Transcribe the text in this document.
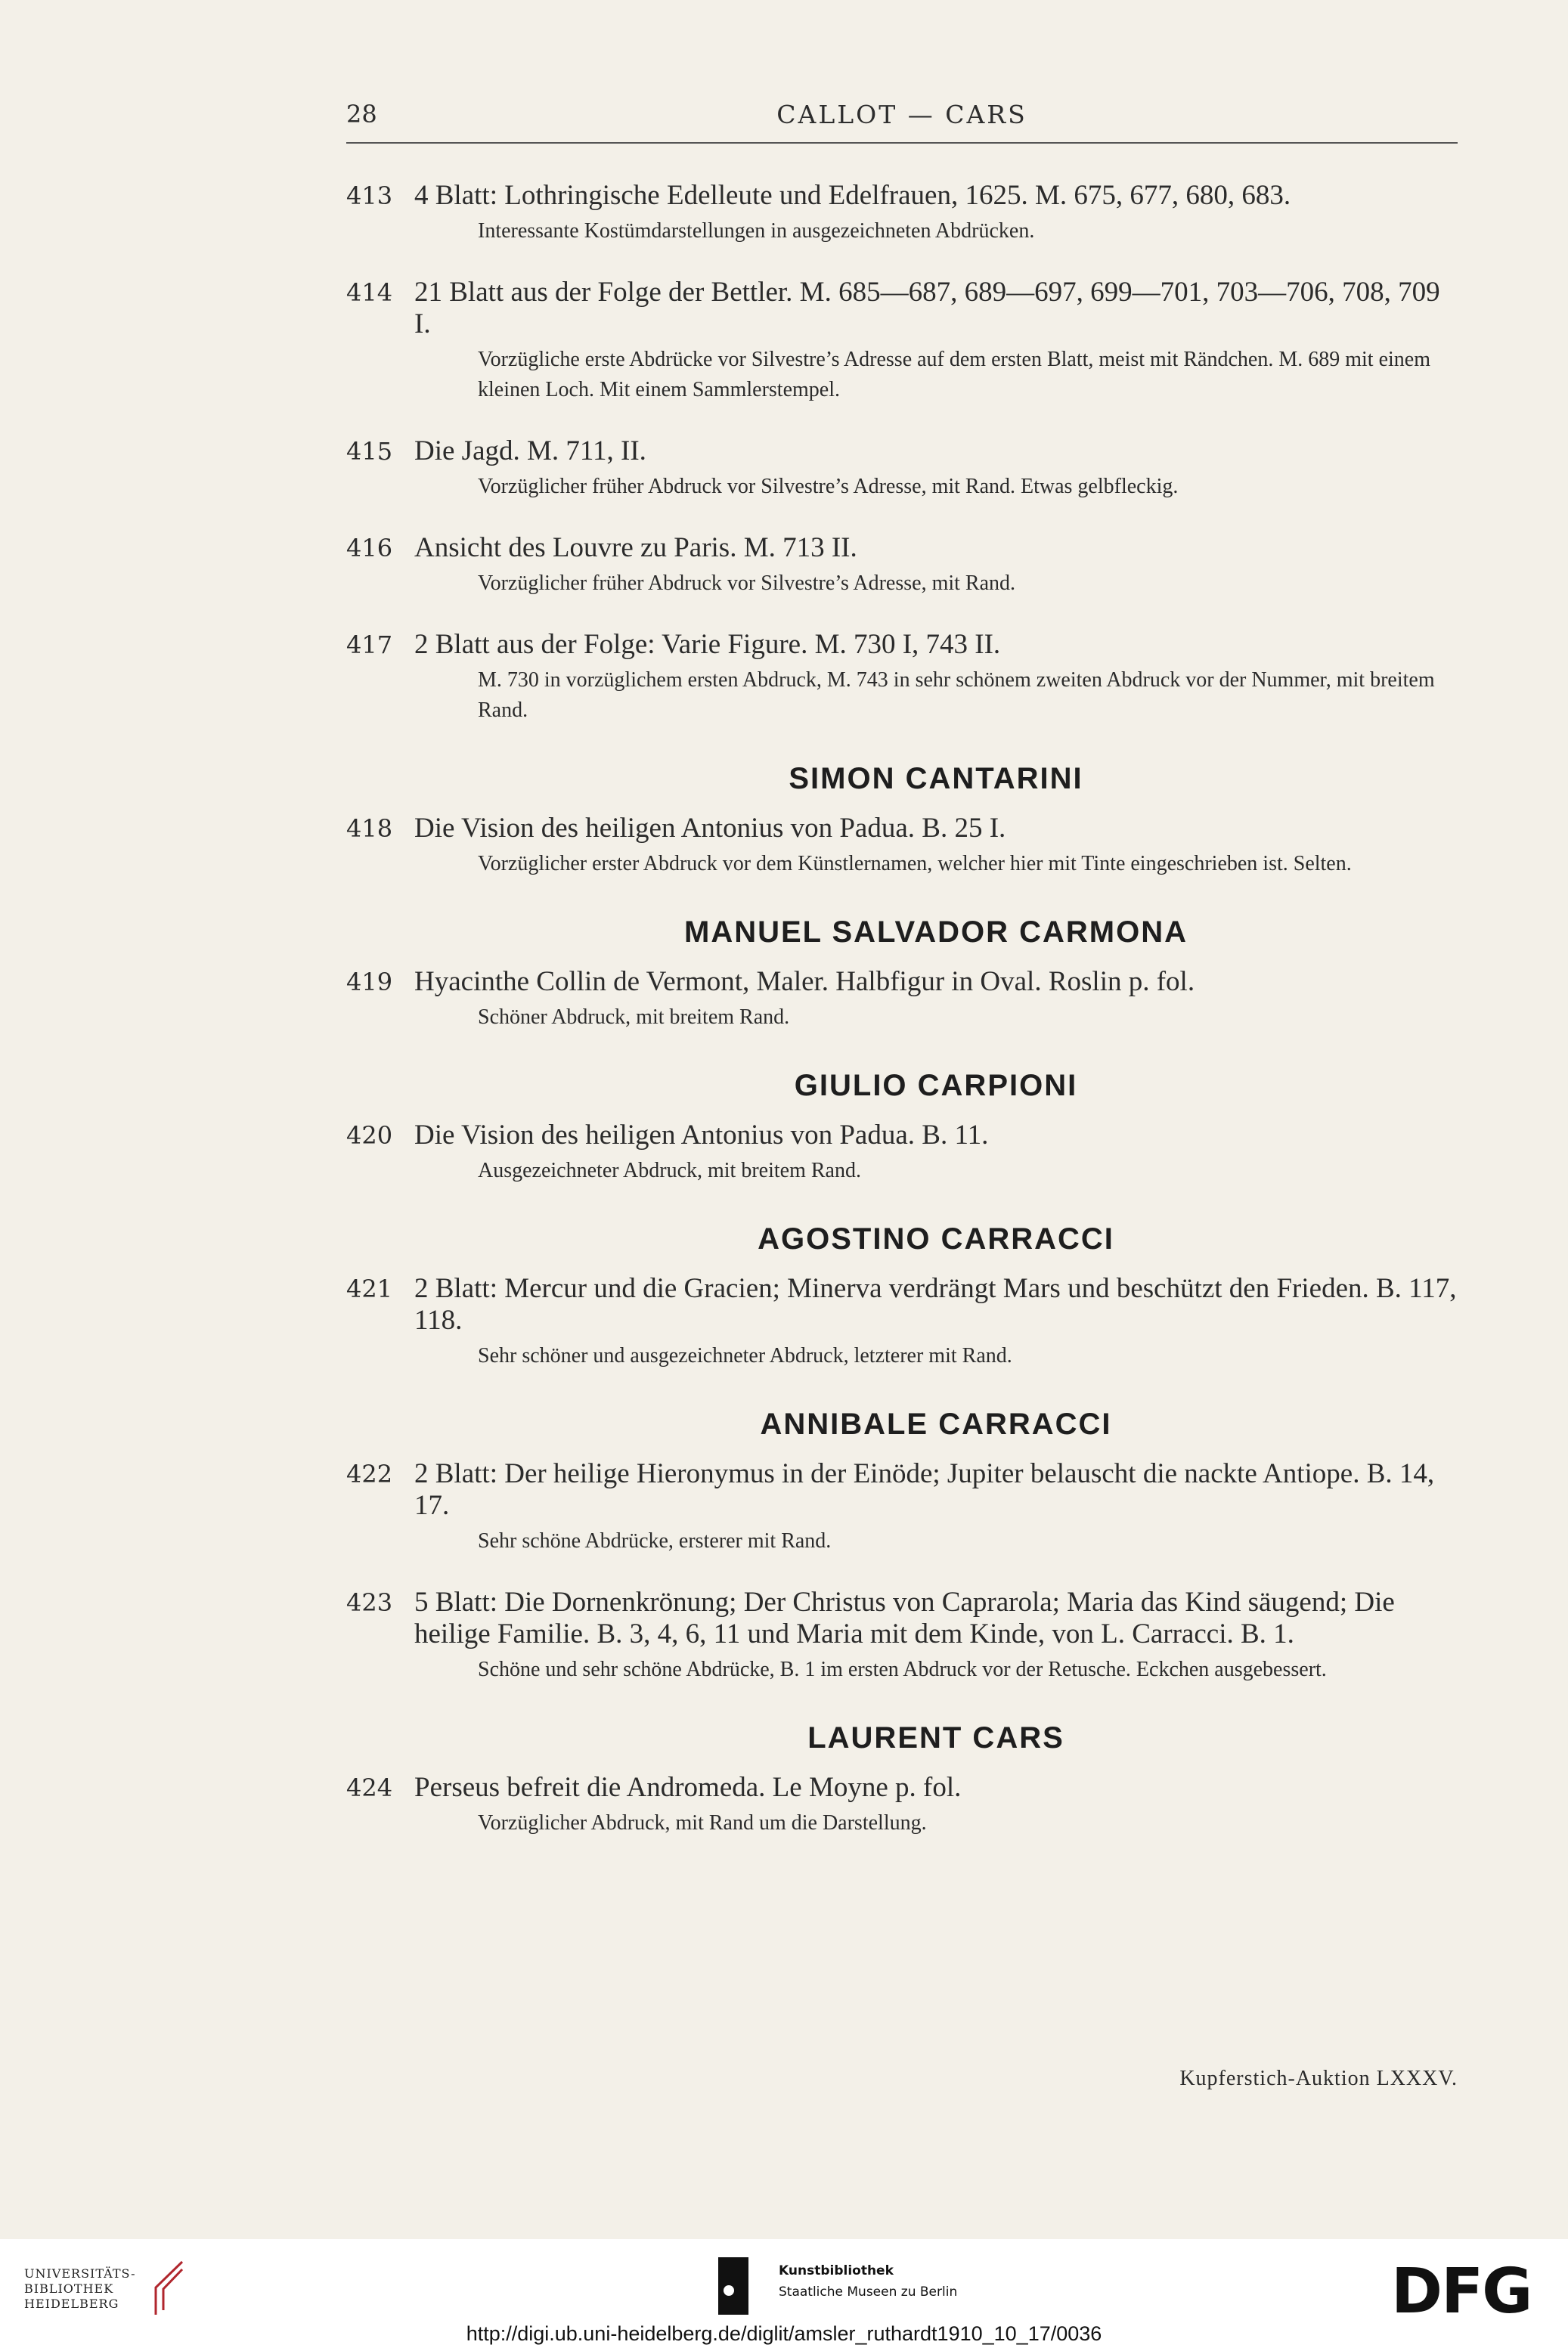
28	CALLOT — CARS
413 4 Blatt: Lothringische Edelleute und Edelfrauen, 1625. M. 675, 677, 680, 683.
Interessante Kostümdarstellungen in ausgezeichneten Abdrücken.
414 21 Blatt aus der Folge der Bettler. M. 685—687, 689—697, 699—701, 703—706, 708, 709 I.
Vorzügliche erste Abdrücke vor Silvestre’s Adresse auf dem ersten Blatt, meist mit Rändchen. M. 689 mit einem kleinen Loch. Mit einem Sammlerstempel.
415 Die Jagd. M. 711, II.
Vorzüglicher früher Abdruck vor Silvestre’s Adresse, mit Rand. Etwas gelbfleckig.
416 Ansicht des Louvre zu Paris. M. 713 II.
Vorzüglicher früher Abdruck vor Silvestre’s Adresse, mit Rand.
417 2 Blatt aus der Folge: Varie Figure. M. 730 I, 743 II.
M. 730 in vorzüglichem ersten Abdruck, M. 743 in sehr schönem zweiten Abdruck vor der Nummer, mit breitem Rand.
SIMON CANTARINI
418 Die Vision des heiligen Antonius von Padua. B. 25 I.
Vorzüglicher erster Abdruck vor dem Künstlernamen, welcher hier mit Tinte eingeschrieben ist. Selten.
MANUEL SALVADOR CARMONA
419 Hyacinthe Collin de Vermont, Maler. Halbfigur in Oval. Roslin p. fol.
Schöner Abdruck, mit breitem Rand.
GIULIO CARPIONI
420 Die Vision des heiligen Antonius von Padua. B. 11.
Ausgezeichneter Abdruck, mit breitem Rand.
AGOSTINO CARRACCI
421 2 Blatt: Mercur und die Gracien; Minerva verdrängt Mars und beschützt den Frieden. B. 117, 118.
Sehr schöner und ausgezeichneter Abdruck, letzterer mit Rand.
ANNIBALE CARRACCI
422 2 Blatt: Der heilige Hieronymus in der Einöde; Jupiter belauscht die nackte Antiope. B. 14, 17.
Sehr schöne Abdrücke, ersterer mit Rand.
423 5 Blatt: Die Dornenkrönung; Der Christus von Caprarola; Maria das Kind säugend; Die heilige Familie. B. 3, 4, 6, 11 und Maria mit dem Kinde, von L. Carracci. B. 1.
Schöne und sehr schöne Abdrücke, B. 1 im ersten Abdruck vor der Retusche. Eckchen ausgebessert.
LAURENT CARS
424 Perseus befreit die Andromeda. Le Moyne p. fol.
Vorzüglicher Abdruck, mit Rand um die Darstellung.
Kupferstich-Auktion LXXXV.
UNIVERSITÄTS-
BIBLIOTHEK
HEIDELBERG
Kunstbibliothek
Staatliche Museen zu Berlin	DFG
http://digi.ub.uni-heidelberg.de/diglit/amsler_ruthardt1910_10_17/0036
